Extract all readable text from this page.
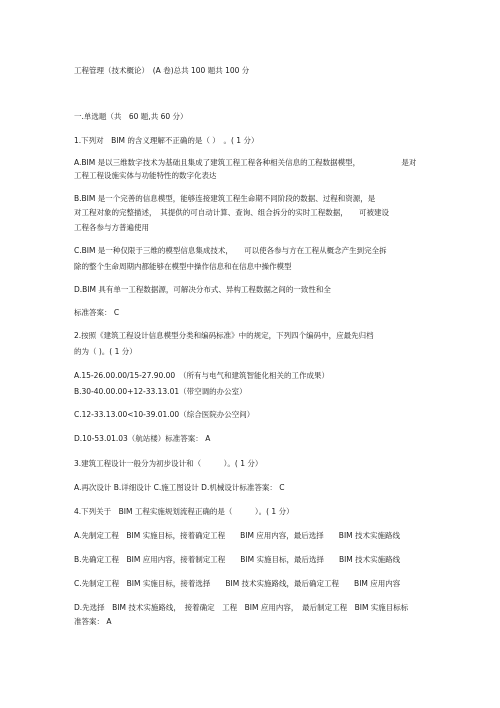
工程管理（技术概论）　(A 卷)总共 100 题共 100 分
一.单选题（共　60 题,共 60 分）
1.下列对　BIM 的含义理解不正确的是（ ）　。( 1 分）
A.BIM 是以三维数字技术为基础且集成了建筑工程工程各种相关信息的工程数据模型，　　　　　　是对
工程工程设施实体与功能特性的数字化表达
B.BIM 是一个完善的信息模型，能够连接建筑工程生命期不同阶段的数据、过程和资源，是
对工程对象的完整描述，　其提供的可自动计算、查询、组合拆分的实时工程数据，　　可被建设
工程各参与方普遍使用
C.BIM 是一种仅限于三维的模型信息集成技术，　　可以使各参与方在工程从概念产生到完全拆
除的整个生命周期内都能够在模型中操作信息和在信息中操作模型
D.BIM 具有单一工程数据源，可解决分布式、异构工程数据之间的一致性和全
标准答案： C
2.按照《建筑工程设计信息模型分类和编码标准》中的规定，下列四个编码中，应最先归档
的为（ )。( 1 分）
A.15-26.00.00/15-27.90.00　（所有与电气和建筑智能化相关的工作成果）
B.30-40.00.00+12-33.13.01（带空调的办公室）
C.12-33.13.00<10-39.01.00（综合医院办公空间）
D.10-53.01.03（航站楼）标准答案： A
3.建筑工程设计一般分为初步设计和（　　　）。( 1 分）
A.再次设计 B.详细设计 C.施工图设计 D.机械设计标准答案： C
4.下列关于　BIM 工程实施规划流程正确的是（　　　）。( 1 分）
A.先制定工程　BIM 实施目标，接着确定工程　　BIM 应用内容，最后选择　　BIM 技术实施路线
B.先确定工程　BIM 应用内容，接着制定工程　　BIM 实施目标，最后选择　　BIM 技术实施路线
C.先制定工程　BIM 实施目标，接着选择　　BIM 技术实施路线，最后确定工程　　BIM 应用内容
D.先选择　BIM 技术实施路线，　接着确定　工程　BIM 应用内容，　最后制定工程　BIM 实施目标标
准答案： A
